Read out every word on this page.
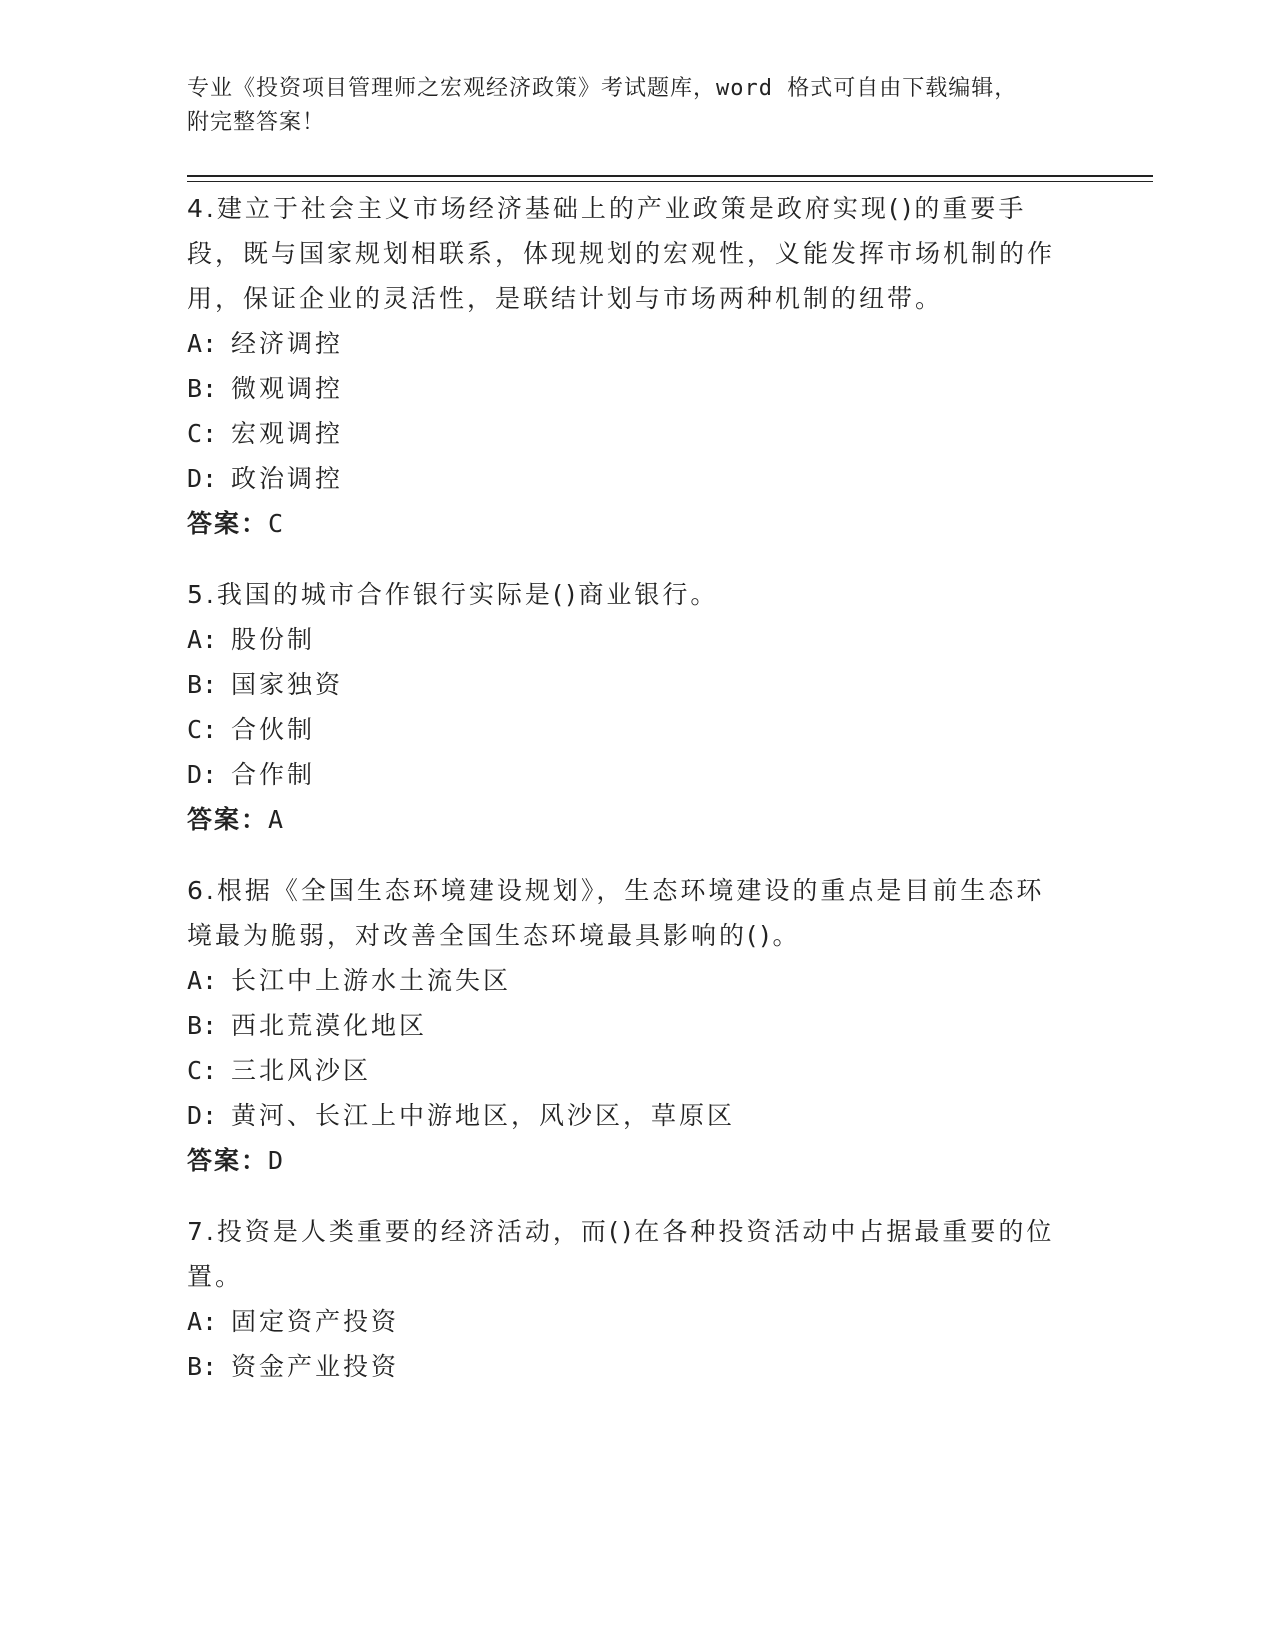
专业《投资项目管理师之宏观经济政策》考试题库，word 格式可自由下载编辑，
附完整答案！
4.建立于社会主义市场经济基础上的产业政策是政府实现()的重要手段，既与国家规划相联系，体现规划的宏观性，义能发挥市场机制的作用，保证企业的灵活性，是联结计划与市场两种机制的纽带。
A: 经济调控
B: 微观调控
C: 宏观调控
D: 政治调控
答案：C
5.我国的城市合作银行实际是()商业银行。
A: 股份制
B: 国家独资
C: 合伙制
D: 合作制
答案：A
6.根据《全国生态环境建设规划》，生态环境建设的重点是目前生态环境最为脆弱，对改善全国生态环境最具影响的()。
A: 长江中上游水土流失区
B: 西北荒漠化地区
C: 三北风沙区
D: 黄河、长江上中游地区，风沙区，草原区
答案：D
7.投资是人类重要的经济活动，而()在各种投资活动中占据最重要的位置。
A: 固定资产投资
B: 资金产业投资
